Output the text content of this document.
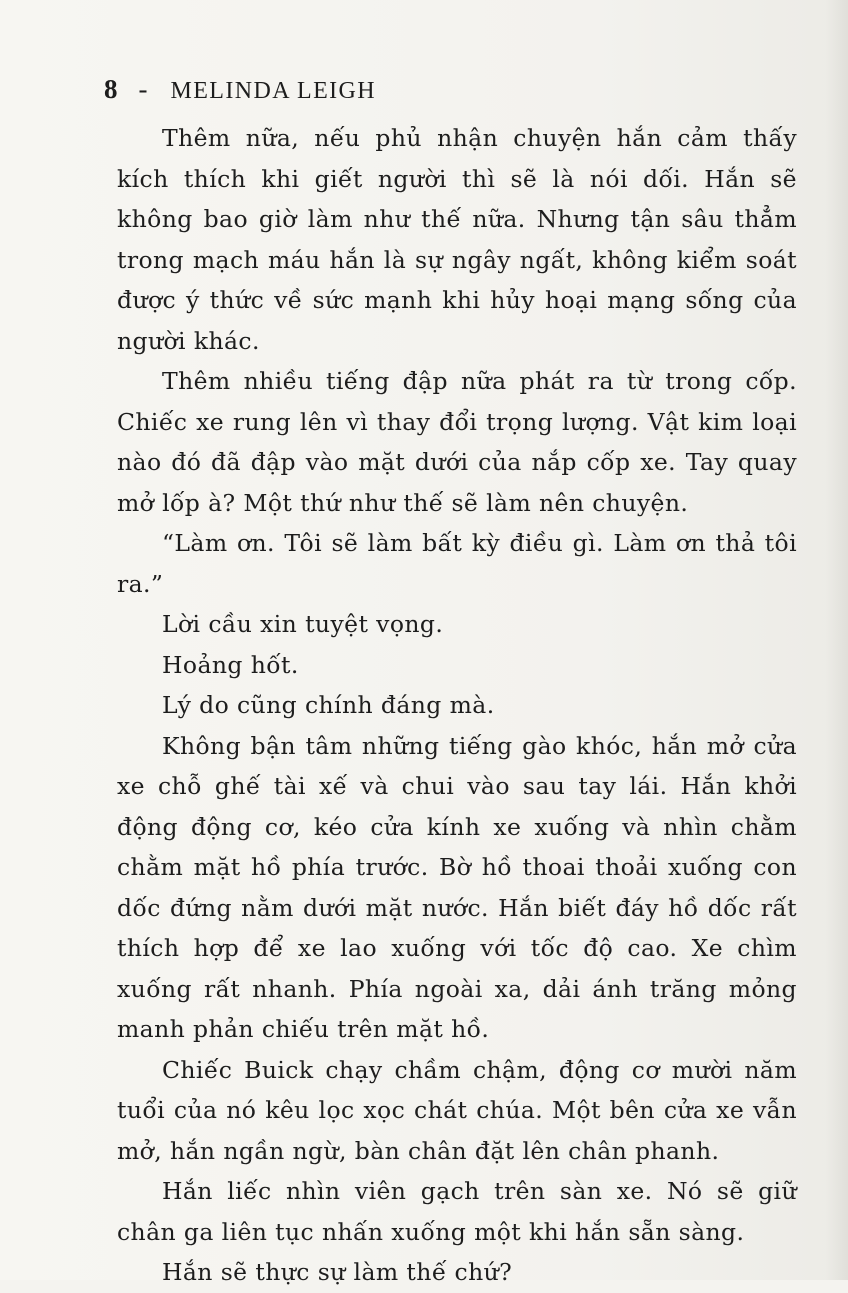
8 - MELINDA LEIGH

Thêm nữa, nếu phủ nhận chuyện hắn cảm thấy kích thích khi giết người thì sẽ là nói dối. Hắn sẽ không bao giờ làm như thế nữa. Nhưng tận sâu thẳm trong mạch máu hắn là sự ngây ngất, không kiểm soát được ý thức về sức mạnh khi hủy hoại mạng sống của người khác.

Thêm nhiều tiếng đập nữa phát ra từ trong cốp. Chiếc xe rung lên vì thay đổi trọng lượng. Vật kim loại nào đó đã đập vào mặt dưới của nắp cốp xe. Tay quay mở lốp à? Một thứ như thế sẽ làm nên chuyện.

“Làm ơn. Tôi sẽ làm bất kỳ điều gì. Làm ơn thả tôi ra.”

Lời cầu xin tuyệt vọng.

Hoảng hốt.

Lý do cũng chính đáng mà.

Không bận tâm những tiếng gào khóc, hắn mở cửa xe chỗ ghế tài xế và chui vào sau tay lái. Hắn khởi động động cơ, kéo cửa kính xe xuống và nhìn chằm chằm mặt hồ phía trước. Bờ hồ thoai thoải xuống con dốc đứng nằm dưới mặt nước. Hắn biết đáy hồ dốc rất thích hợp để xe lao xuống với tốc độ cao. Xe chìm xuống rất nhanh. Phía ngoài xa, dải ánh trăng mỏng manh phản chiếu trên mặt hồ.

Chiếc Buick chạy chầm chậm, động cơ mười năm tuổi của nó kêu lọc xọc chát chúa. Một bên cửa xe vẫn mở, hắn ngần ngừ, bàn chân đặt lên chân phanh.

Hắn liếc nhìn viên gạch trên sàn xe. Nó sẽ giữ chân ga liên tục nhấn xuống một khi hắn sẵn sàng.

Hắn sẽ thực sự làm thế chứ?
